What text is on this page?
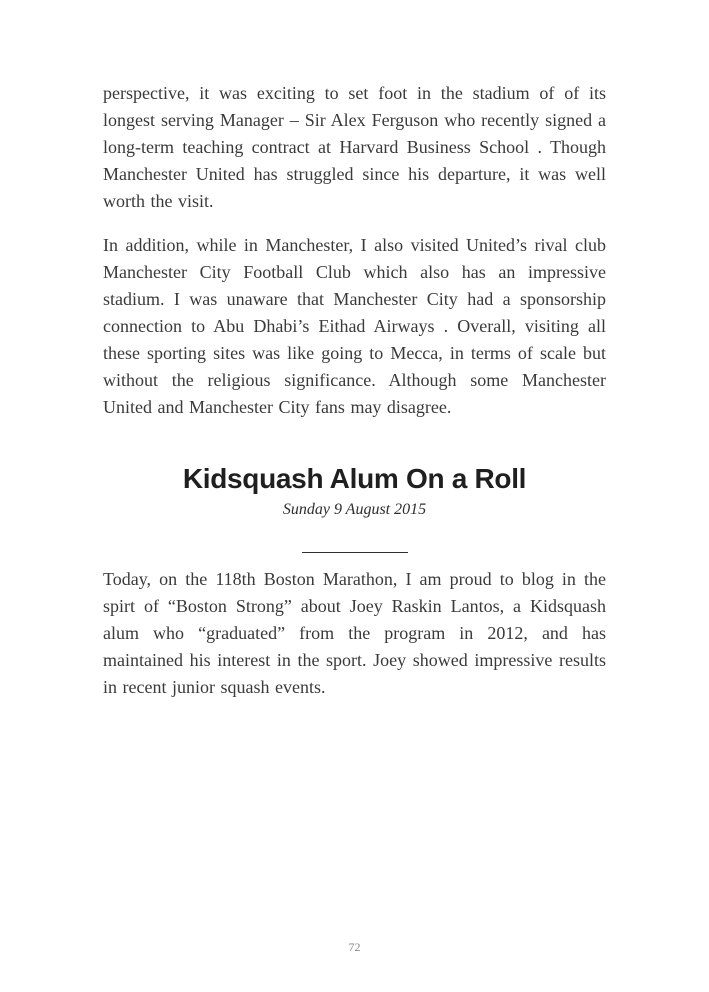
perspective, it was exciting to set foot in the stadium of of its longest serving Manager – Sir Alex Ferguson who recently signed a long-term teaching contract at Harvard Business School . Though Manchester United has struggled since his departure, it was well worth the visit.

In addition, while in Manchester, I also visited United’s rival club Manchester City Football Club which also has an impressive stadium. I was unaware that Manchester City had a sponsorship connection to Abu Dhabi’s Eithad Airways . Overall, visiting all these sporting sites was like going to Mecca, in terms of scale but without the religious significance. Although some Manchester United and Manchester City fans may disagree.

Kidsquash Alum On a Roll
Sunday 9 August 2015

Today, on the 118th Boston Marathon, I am proud to blog in the spirt of “Boston Strong” about Joey Raskin Lantos, a Kidsquash alum who “graduated” from the program in 2012, and has maintained his interest in the sport. Joey showed impressive results in recent junior squash events.

72
